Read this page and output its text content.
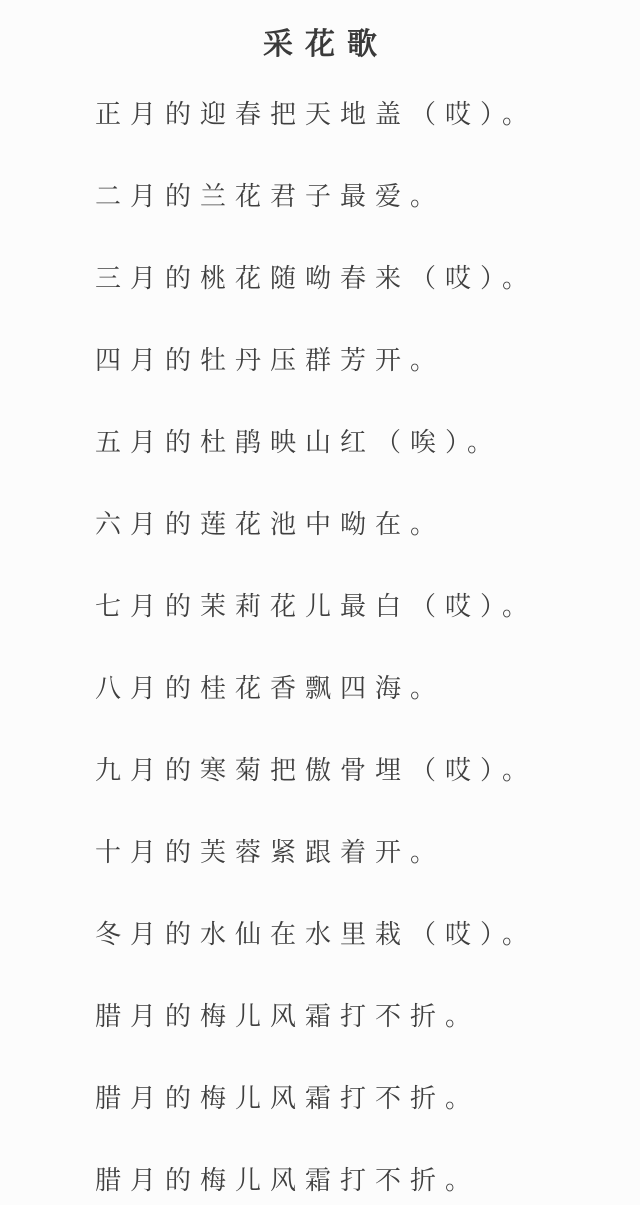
采花歌

正月的迎春把天地盖（哎）。

二月的兰花君子最爱。

三月的桃花随呦春来（哎）。

四月的牡丹压群芳开。

五月的杜鹃映山红（唉）。

六月的莲花池中呦在。

七月的茉莉花儿最白（哎）。

八月的桂花香飘四海。

九月的寒菊把傲骨埋（哎）。

十月的芙蓉紧跟着开。

冬月的水仙在水里栽（哎）。

腊月的梅儿风霜打不折。

腊月的梅儿风霜打不折。

腊月的梅儿风霜打不折。
